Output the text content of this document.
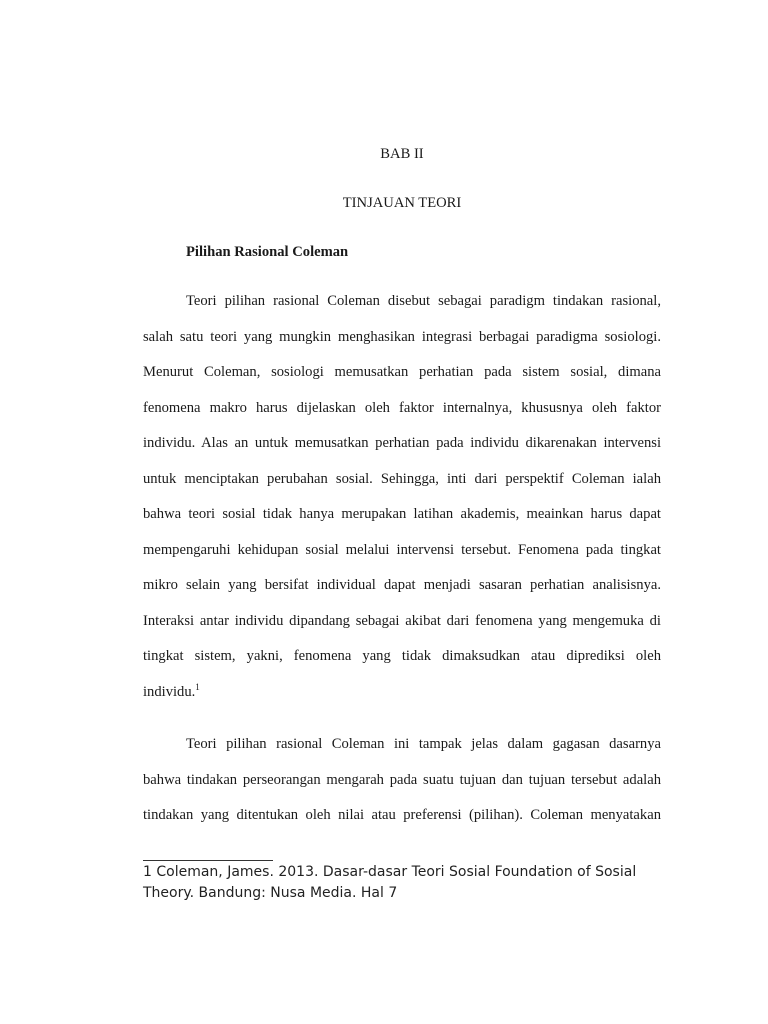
BAB II
TINJAUAN TEORI
Pilihan Rasional Coleman
Teori pilihan rasional Coleman disebut sebagai paradigm tindakan rasional,
salah satu teori yang mungkin menghasikan integrasi berbagai paradigma sosiologi.
Menurut Coleman, sosiologi memusatkan perhatian pada sistem sosial, dimana
fenomena makro harus dijelaskan oleh faktor internalnya, khususnya oleh faktor
individu. Alas an untuk memusatkan perhatian pada individu dikarenakan intervensi
untuk menciptakan perubahan sosial. Sehingga, inti dari perspektif Coleman ialah
bahwa teori sosial tidak hanya merupakan latihan akademis, meainkan harus dapat
mempengaruhi kehidupan sosial melalui intervensi tersebut. Fenomena pada tingkat
mikro selain yang bersifat individual dapat menjadi sasaran perhatian analisisnya.
Interaksi antar individu dipandang sebagai akibat dari fenomena yang mengemuka di
tingkat sistem, yakni, fenomena yang tidak dimaksudkan atau diprediksi oleh
individu.$^1$
Teori pilihan rasional Coleman ini tampak jelas dalam gagasan dasarnya
bahwa tindakan perseorangan mengarah pada suatu tujuan dan tujuan tersebut adalah
tindakan yang ditentukan oleh nilai atau preferensi (pilihan). Coleman menyatakan
1 Coleman, James. 2013. Dasar-dasar Teori Sosial Foundation of Sosial Theory. Bandung: Nusa Media. Hal 7
